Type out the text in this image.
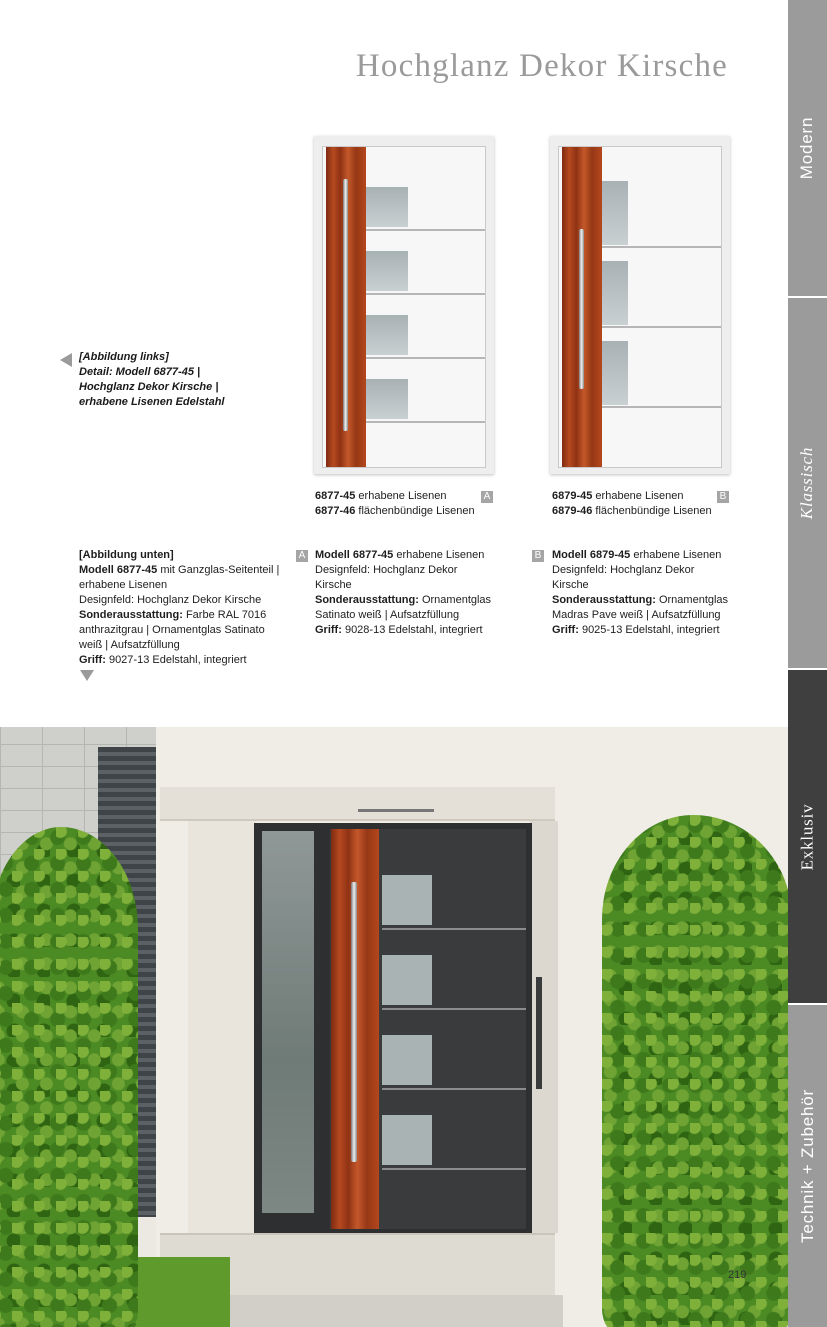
Hochglanz Dekor Kirsche
Modern
Klassisch
Exklusiv
Technik + Zubehör
[Abbildung links]
Detail: Modell 6877-45 |
Hochglanz Dekor Kirsche |
erhabene Lisenen Edelstahl
6877-45 erhabene Lisenen
6877-46 flächenbündige Lisenen
A	6879-45 erhabene Lisenen
6879-46 flächenbündige Lisenen
B
[Abbildung unten]
Modell 6877-45 mit Ganzglas-Seitenteil |
erhabene Lisenen
Designfeld: Hochglanz Dekor Kirsche
Sonderausstattung: Farbe RAL 7016
anthrazitgrau | Ornamentglas Satinato
weiß | Aufsatzfüllung
Griff: 9027-13 Edelstahl, integriert
A Modell 6877-45 erhabene Lisenen
Designfeld: Hochglanz Dekor
Kirsche
Sonderausstattung: Ornamentglas
Satinato weiß | Aufsatzfüllung
Griff: 9028-13 Edelstahl, integriert
B Modell 6879-45 erhabene Lisenen
Designfeld: Hochglanz Dekor
Kirsche
Sonderausstattung: Ornamentglas
Madras Pave weiß | Aufsatzfüllung
Griff: 9025-13 Edelstahl, integriert
219
